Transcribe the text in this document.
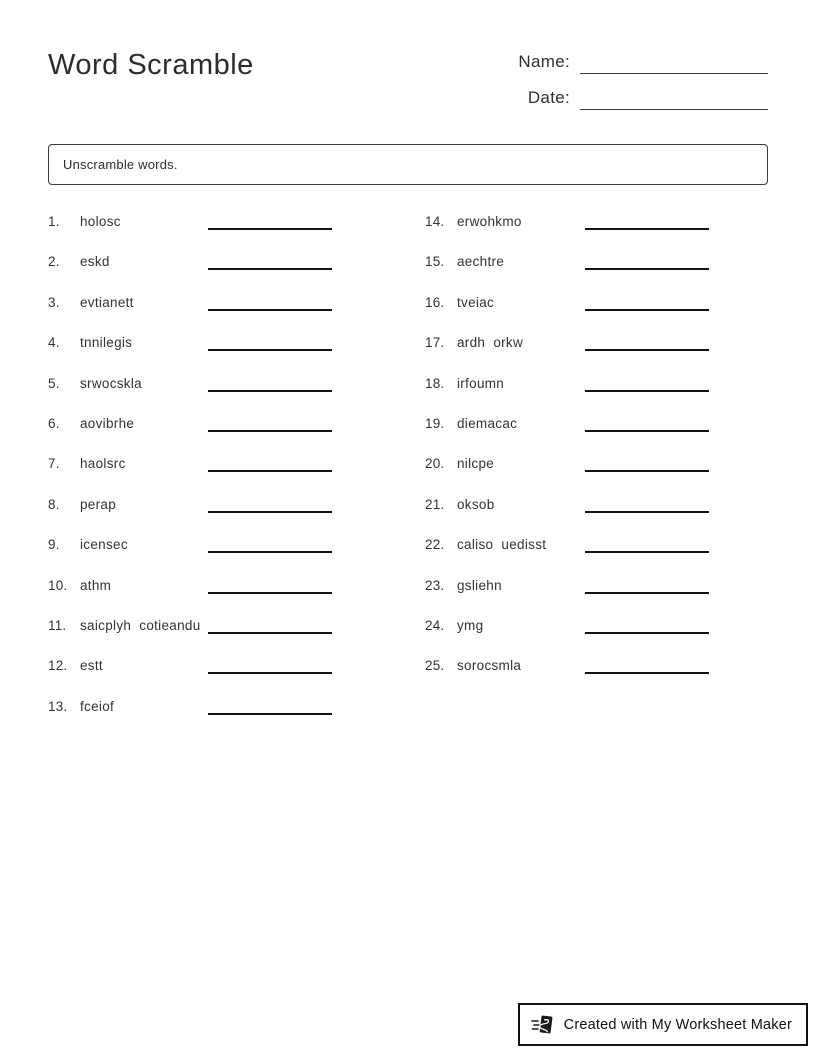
Word Scramble	Name:
Date:
Unscramble words.
1.	holosc
2.	eskd
3.	evtianett
4.	tnnilegis
5.	srwocskla
6.	aovibrhe
7.	haolsrc
8.	perap
9.	icensec
10. athm
11.	saicplyh  cotieandu
12. estt
13. fceiof
14. erwohkmo
15. aechtre
16. tveiac
17. ardh  orkw
18. irfoumn
19. diemacac
20. nilcpe
21. oksob
22. caliso  uedisst
23. gsliehn
24. ymg
25. sorocsmla
Created with My Worksheet Maker
